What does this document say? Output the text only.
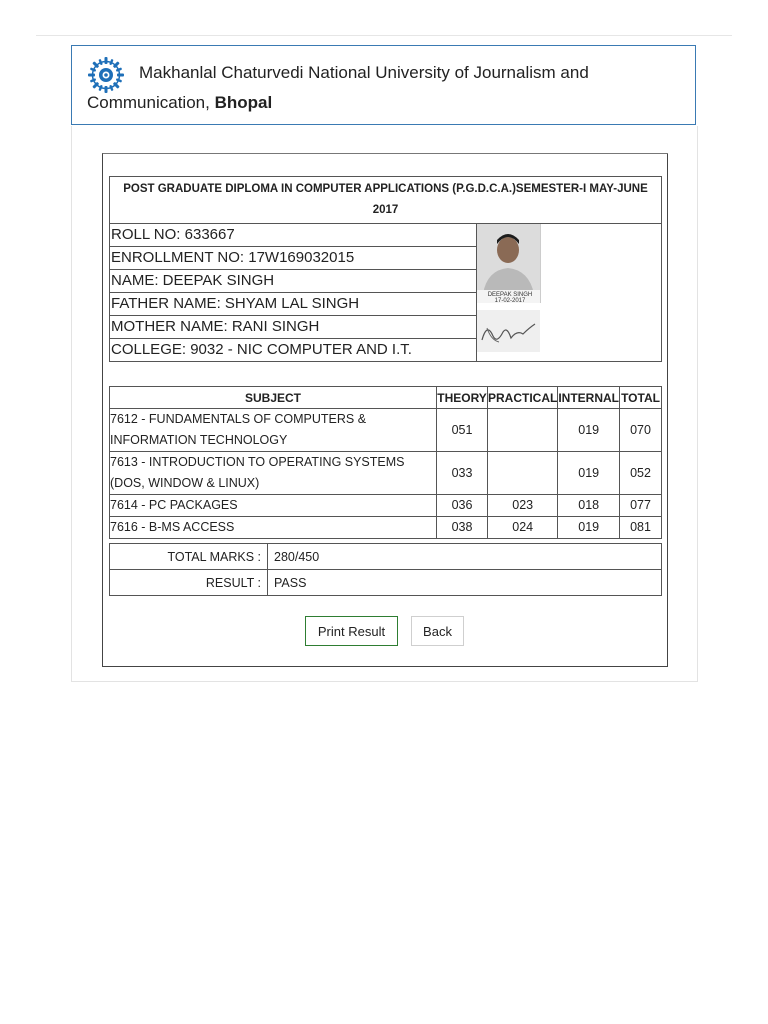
Makhanlal Chaturvedi National University of Journalism and
Communication, Bhopal
POST GRADUATE DIPLOMA IN COMPUTER APPLICATIONS (P.G.D.C.A.)SEMESTER-I MAY-JUNE 2017
ROLL NO: 633667	
DEEPAK SINGH
17-02-2017

ENROLLMENT NO: 17W169032015
NAME: DEEPAK SINGH
FATHER NAME: SHYAM LAL SINGH
MOTHER NAME: RANI SINGH
COLLEGE: 9032 - NIC COMPUTER AND I.T.
SUBJECT	THEORY	PRACTICAL	INTERNAL	TOTAL
7612 - FUNDAMENTALS OF COMPUTERS & INFORMATION TECHNOLOGY	051		019	070
7613 - INTRODUCTION TO OPERATING SYSTEMS (DOS, WINDOW & LINUX)	033		019	052
7614 - PC PACKAGES	036	023	018	077
7616 - B-MS ACCESS	038	024	019	081
TOTAL MARKS :	280/450
RESULT :	PASS
Print Result	Back
